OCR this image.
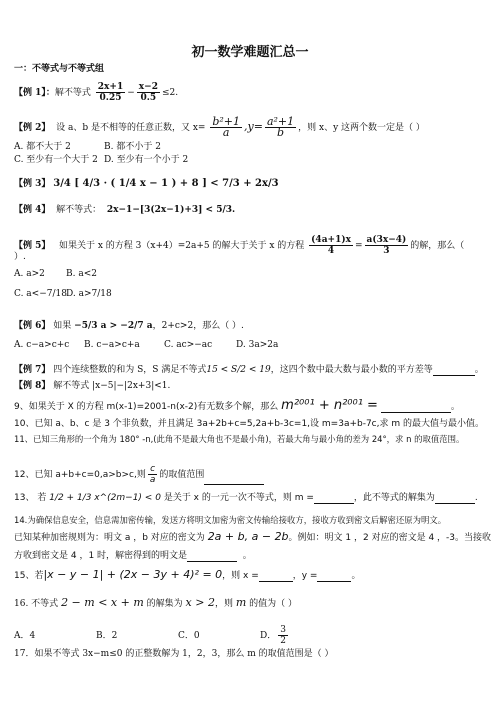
初一数学难题汇总一
一：不等式与不等式组
【例 1】：解不等式 $\frac{2x+1}{0.25} - \frac{x-2}{0.5} \le 2$.
【例 2】 设 a、b 是不相等的任意正数，又 $x= \frac{\text{b²+1}}{a} ,y= \frac{\text{a²+1}}{b}$ ，则 x、y 这两个数一定是（ ）
A. 都不大于 2	B. 都不小于 2
C. 至少有一个大于 2 D. 至少有一个小于 2
【例 3】 3/4 [ 4/3 · ( 1/4 x − 1 ) + 8 ] < 7/3 + 2x/3
【例 4】 解不等式： 2x−1−[3(2x−1)+3] < 5/3.
【例 5】 如果关于 x 的方程 3（x+4）=2a+5 的解大于关于 x 的方程 $\frac{(4a+1)x}{4} = \frac{a(3x-4)}{3}$ 的解，那么（
）.
A. a>2 B. a<2
C. a<−7/18D. a>7/18
【例 6】 如果 −5/3 a > −2/7 a，2+c>2，那么（ ）.
A. c−a>c+c B. c−a>c+a	C. ac>−ac	D. 3a>2a
【例 7】 四个连续整数的和为 S，S 满足不等式15 < S/2 < 19，这四个数中最大数与最小数的平方差等	。
【例 8】 解不等式 |x−5|−|2x+3|<1.
9、如果关于 X 的方程 m(x-1)=2001-n(x-2)有无数多个解，那么 m²⁰⁰¹ + n²⁰⁰¹ =	。
10、已知 a、b、c 是 3 个非负数，并且满足 3a+2b+c=5,2a+b-3c=1,设 m=3a+b-7c,求 m 的最大值与最小值。
11、已知三角形的一个角为 180° -n,(此角不是最大角也不是最小角)，若最大角与最小角的差为 24°，求 n 的取值范围。
12、已知 a+b+c=0,a>b>c,则 $\frac{c}{a}$ 的取值范围
13、 若 1/2 + 1/3 x^(2m−1) < 0 是关于 x 的一元一次不等式，则 m =	，此不等式的解集为	.
14.为确保信息安全，信息需加密传输，发送方将明文加密为密文传输给接收方，接收方收到密文后解密还原为明文。
已知某种加密规则为：明文 a ，b 对应的密文为 2a + b, a − 2b。例如：明文 1 ，2 对应的密文是 4 ，-3。当接收
方收到密文是 4 ，1 时，解密得到的明文是	。
15、若|x − y − 1| + (2x − 3y + 4)² = 0，则 x =	，y =	。
16. 不等式 2 − m < x + m 的解集为 x > 2，则 m 的值为（ ）
A．4	B．2	C．0	D． $\frac{3}{2}$
17．如果不等式 3x−m≤0 的正整数解为 1，2，3，那么 m 的取值范围是（ ）
